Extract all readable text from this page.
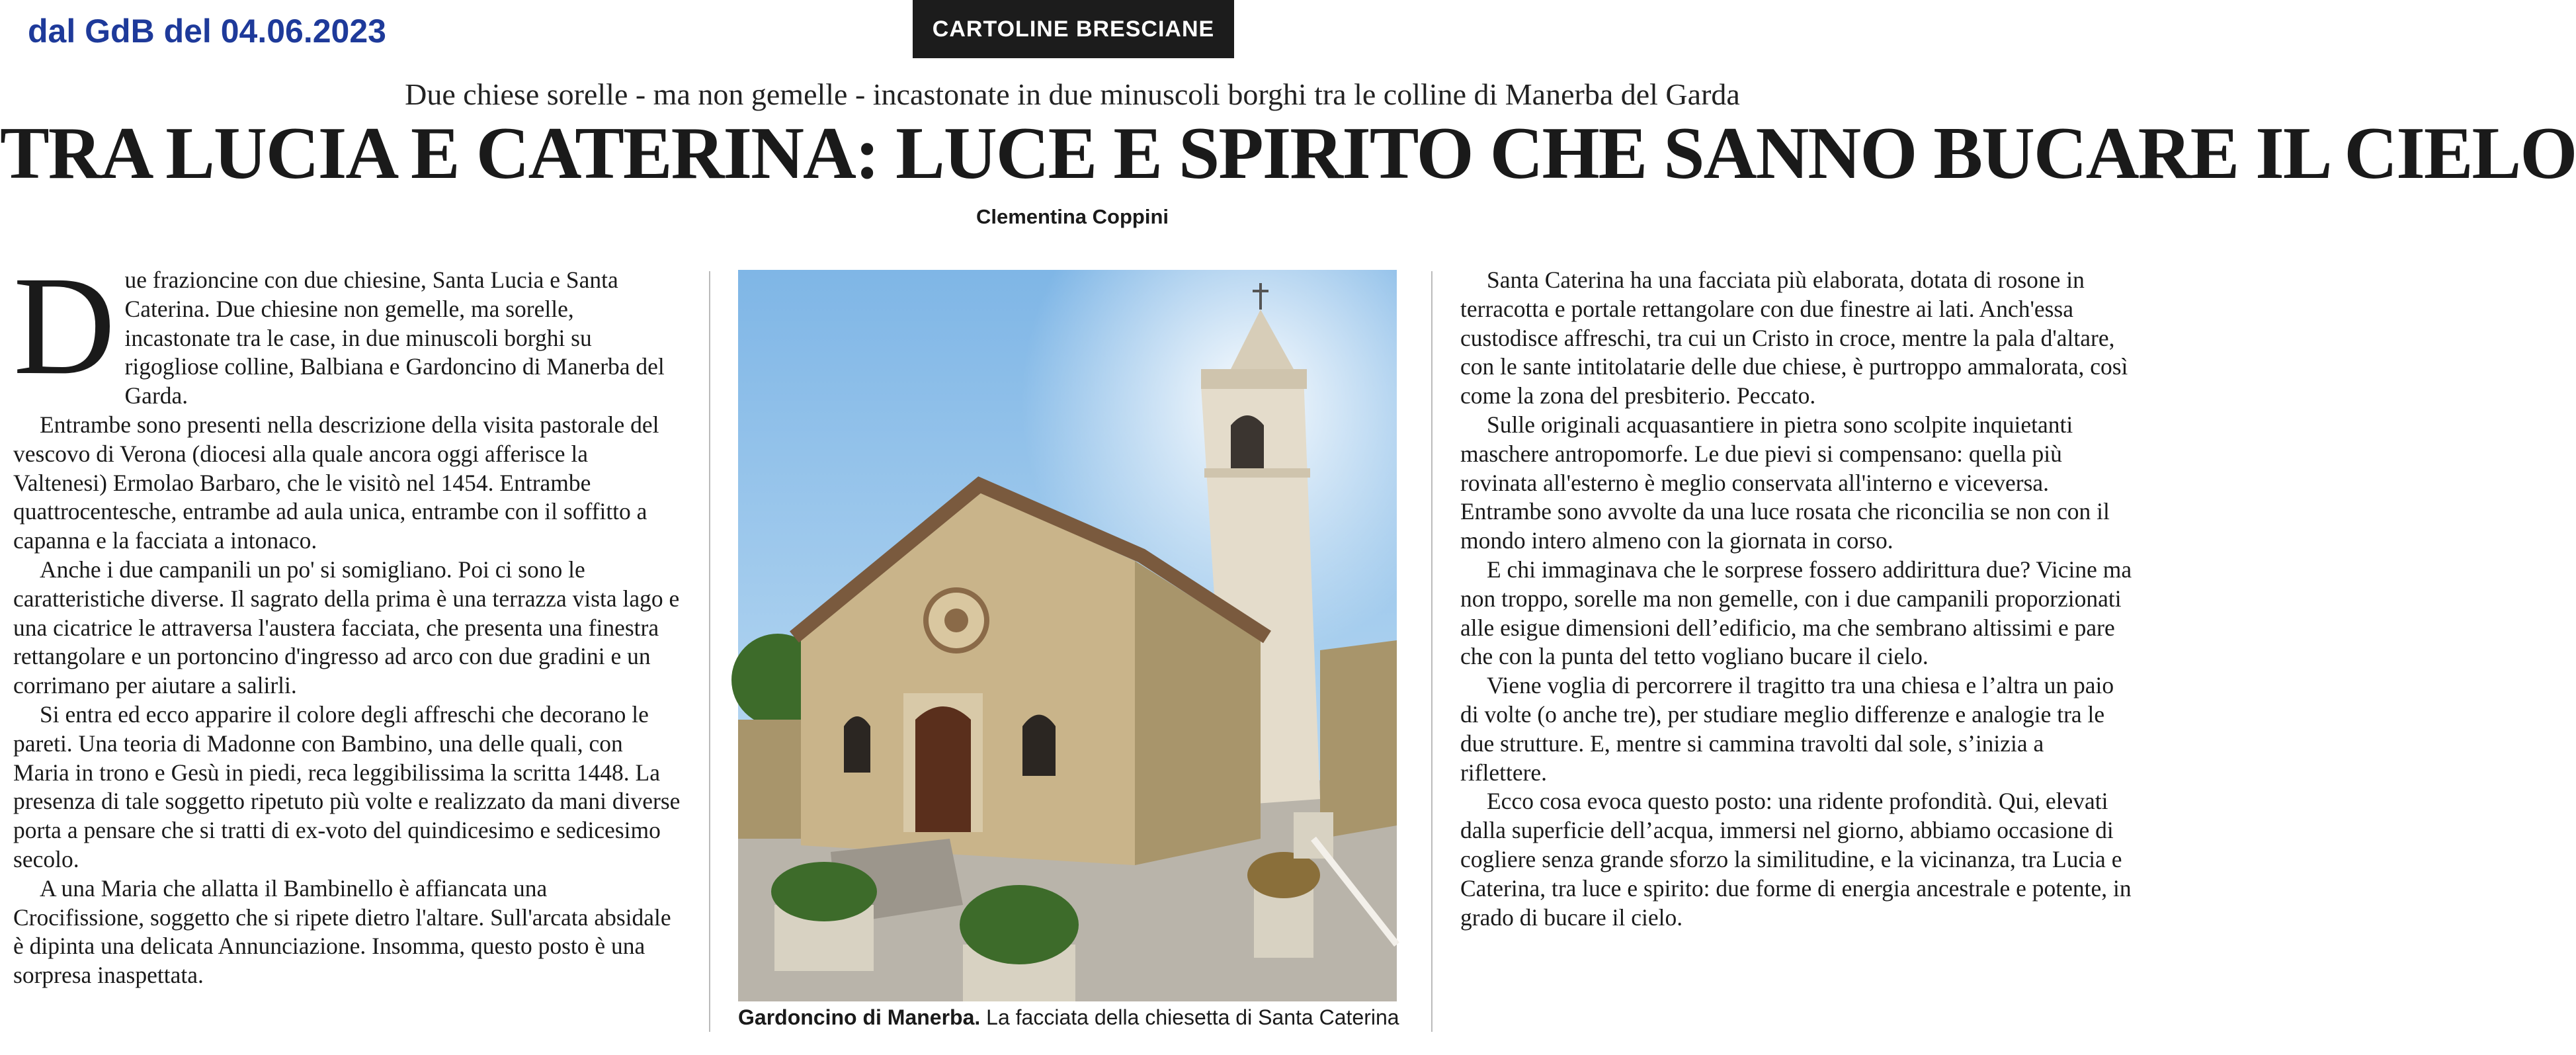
dal GdB del 04.06.2023	CARTOLINE BRESCIANE
Due chiese sorelle - ma non gemelle - incastonate in due minuscoli borghi tra le colline di Manerba del Garda
TRA LUCIA E CATERINA: LUCE E SPIRITO CHE SANNO BUCARE IL CIELO
Clementina Coppini

Due frazioncine con due chiesine, Santa Lucia e Santa Caterina. Due chiesine non gemelle, ma sorelle, incastonate tra le case, in due minuscoli borghi su rigogliose colline, Balbiana e Gardoncino di Manerba del Garda.

Entrambe sono presenti nella descrizione della visita pastorale del vescovo di Verona (diocesi alla quale ancora oggi afferisce la Valtenesi) Ermolao Barbaro, che le visitò nel 1454. Entrambe quattrocentesche, entrambe ad aula unica, entrambe con il soffitto a capanna e la facciata a intonaco.

Anche i due campanili un po' si somigliano. Poi ci sono le caratteristiche diverse. Il sagrato della prima è una terrazza vista lago e una cicatrice le attraversa l'austera facciata, che presenta una finestra rettangolare e un portoncino d'ingresso ad arco con due gradini e un corrimano per aiutare a salirli.

Si entra ed ecco apparire il colore degli affreschi che decorano le pareti. Una teoria di Madonne con Bambino, una delle quali, con Maria in trono e Gesù in piedi, reca leggibilissima la scritta 1448. La presenza di tale soggetto ripetuto più volte e realizzato da mani diverse porta a pensare che si tratti di ex-voto del quindicesimo e sedicesimo secolo.

A una Maria che allatta il Bambinello è affiancata una Crocifissione, soggetto che si ripete dietro l'altare. Sull'arcata absidale è dipinta una delicata Annunciazione. Insomma, questo posto è una sorpresa inaspettata.

Gardoncino di Manerba. La facciata della chiesetta di Santa Caterina

Santa Caterina ha una facciata più elaborata, dotata di rosone in terracotta e portale rettangolare con due finestre ai lati. Anch'essa custodisce affreschi, tra cui un Cristo in croce, mentre la pala d'altare, con le sante intitolatarie delle due chiese, è purtroppo ammalorata, così come la zona del presbiterio. Peccato.

Sulle originali acquasantiere in pietra sono scolpite inquietanti maschere antropomorfe. Le due pievi si compensano: quella più rovinata all'esterno è meglio conservata all'interno e viceversa. Entrambe sono avvolte da una luce rosata che riconcilia se non con il mondo intero almeno con la giornata in corso.

E chi immaginava che le sorprese fossero addirittura due? Vicine ma non troppo, sorelle ma non gemelle, con i due campanili proporzionati alle esigue dimensioni dell’edificio, ma che sembrano altissimi e pare che con la punta del tetto vogliano bucare il cielo.

Viene voglia di percorrere il tragitto tra una chiesa e l’altra un paio di volte (o anche tre), per studiare meglio differenze e analogie tra le due strutture. E, mentre si cammina travolti dal sole, s’inizia a riflettere.

Ecco cosa evoca questo posto: una ridente profondità. Qui, elevati dalla superficie dell’acqua, immersi nel giorno, abbiamo occasione di cogliere senza grande sforzo la similitudine, e la vicinanza, tra Lucia e Caterina, tra luce e spirito: due forme di energia ancestrale e potente, in grado di bucare il cielo.
